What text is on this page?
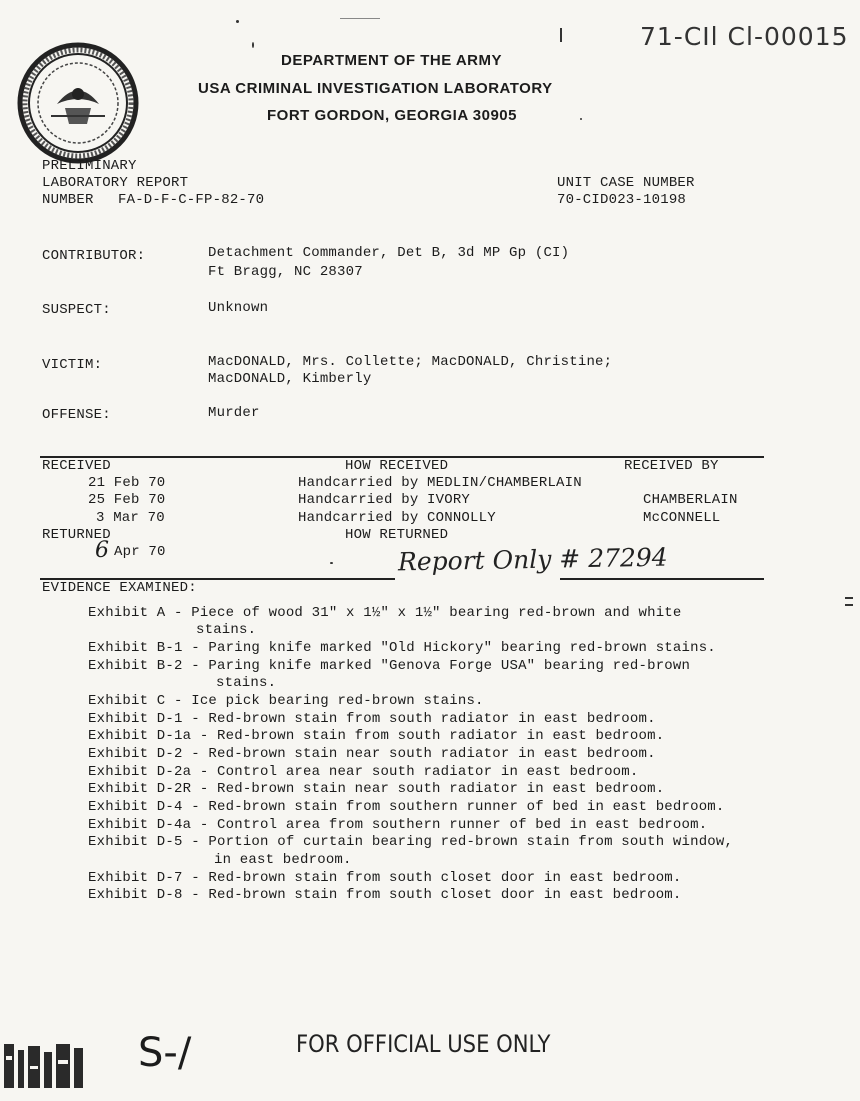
71-CIl Cl-00015
DEPARTMENT OF THE ARMY
USA CRIMINAL INVESTIGATION LABORATORY
FORT GORDON, GEORGIA 30905
PRELIMINARY
LABORATORY REPORT
NUMBER FA-D-F-C-FP-82-70
UNIT CASE NUMBER
70-CID023-10198
CONTRIBUTOR:	Detachment Commander, Det B, 3d MP Gp (CI)
Ft Bragg, NC 28307
SUSPECT:	Unknown
VICTIM:	MacDONALD, Mrs. Collette; MacDONALD, Christine;
MacDONALD, Kimberly
OFFENSE:	Murder
RECEIVED	HOW RECEIVED	RECEIVED BY
21 Feb 70	Handcarried by MEDLIN/CHAMBERLAIN
25 Feb 70	Handcarried by IVORY	CHAMBERLAIN
3 Mar 70	Handcarried by CONNOLLY	McCONNELL
RETURNED	HOW RETURNED
6 Apr 70	Report Only # 27294
EVIDENCE EXAMINED:
Exhibit A - Piece of wood 31" x 1½" x 1½" bearing red-brown and white
stains.
Exhibit B-1 - Paring knife marked "Old Hickory" bearing red-brown stains.
Exhibit B-2 - Paring knife marked "Genova Forge USA" bearing red-brown
stains.
Exhibit C - Ice pick bearing red-brown stains.
Exhibit D-1 - Red-brown stain from south radiator in east bedroom.
Exhibit D-1a - Red-brown stain from south radiator in east bedroom.
Exhibit D-2 - Red-brown stain near south radiator in east bedroom.
Exhibit D-2a - Control area near south radiator in east bedroom.
Exhibit D-2R - Red-brown stain near south radiator in east bedroom.
Exhibit D-4 - Red-brown stain from southern runner of bed in east bedroom.
Exhibit D-4a - Control area from southern runner of bed in east bedroom.
Exhibit D-5 - Portion of curtain bearing red-brown stain from south window,
in east bedroom.
Exhibit D-7 - Red-brown stain from south closet door in east bedroom.
Exhibit D-8 - Red-brown stain from south closet door in east bedroom.
S-/	FOR OFFICIAL USE ONLY
